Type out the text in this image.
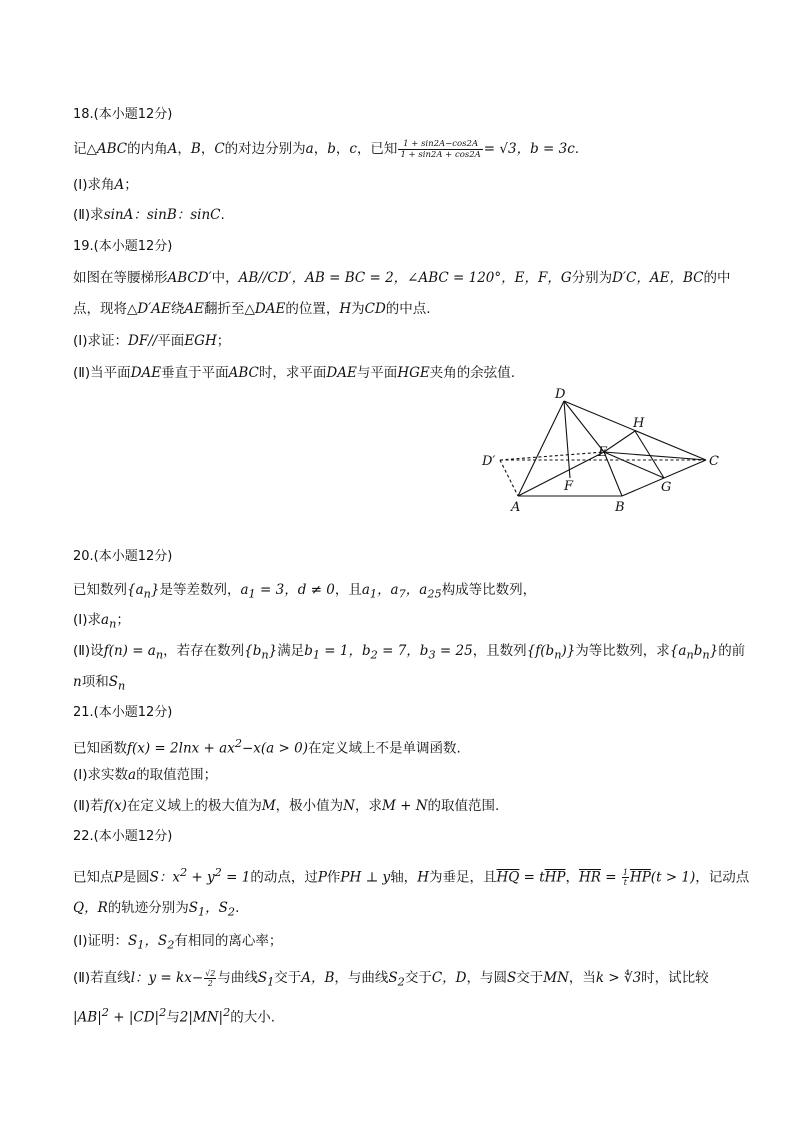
18.(本小题12分)
记△ABC的内角A，B，C的对边分别为a，b，c，已知 $\frac{1 + \sin 2A-\cos 2A}{1 + \sin 2A + \cos 2A} = √3$，b = 3c.
(Ⅰ)求角A；
(Ⅱ)求sinA：sinB：sinC.
19.(本小题12分)
如图在等腰梯形ABCD′中，AB//CD′，AB = BC = 2，∠ABC = 120°，E，F，G分别为D′C，AE，BC的中
点，现将△D′AE绕AE翻折至△DAE的位置，H为CD的中点.
(Ⅰ)求证：DF//平面EGH；
(Ⅱ)当平面DAE垂直于平面ABC时，求平面DAE与平面HGE夹角的余弦值.
D
H
E
D′	C
F	G
A	B
20.(本小题12分)
已知数列$\{a_n\}$是等差数列，$a_1 = 3$，d ≠ 0，且$a_1$，$a_7$，$a_{25}$构成等比数列，
(Ⅰ)求$a_n$；
(Ⅱ)设$f(n) = a_n$，若存在数列$\{b_n\}$满足$b_1 = 1$，$b_2 = 7$，$b_3 = 25$，且数列$\{f(b_n)\}$为等比数列，求$\{a_nb_n\}$的前
n项和$S_n$
21.(本小题12分)
已知函数$f(x) = 2\ln x + ax^2-x(a > 0)$在定义域上不是单调函数.
(Ⅰ)求实数a的取值范围；
(Ⅱ)若f(x)在定义域上的极大值为M，极小值为N，求M + N的取值范围.
22.(本小题12分)
已知点P是圆S：$x^2 + y^2 = 1$的动点，过P作PH ⊥ y轴，H为垂足，且$\overline{HQ} = t\overline{HP}$，$\overline{HR} = \frac{1}{t} \overline{HP}(t > 1)$，记动点
Q，R的轨迹分别为$S_1$，$S_2$.
(Ⅰ)证明：$S_1$，$S_2$有相同的离心率；
(Ⅱ)若直线l：$y = kx- \frac{√2}{2}$ 与曲线$S_1$交于A，B，与曲线$S_2$交于C，D，与圆S交于MN，当k > ∜3时，试比较
$|AB|^2 + |CD|^2$与$2|MN|^2$的大小.
